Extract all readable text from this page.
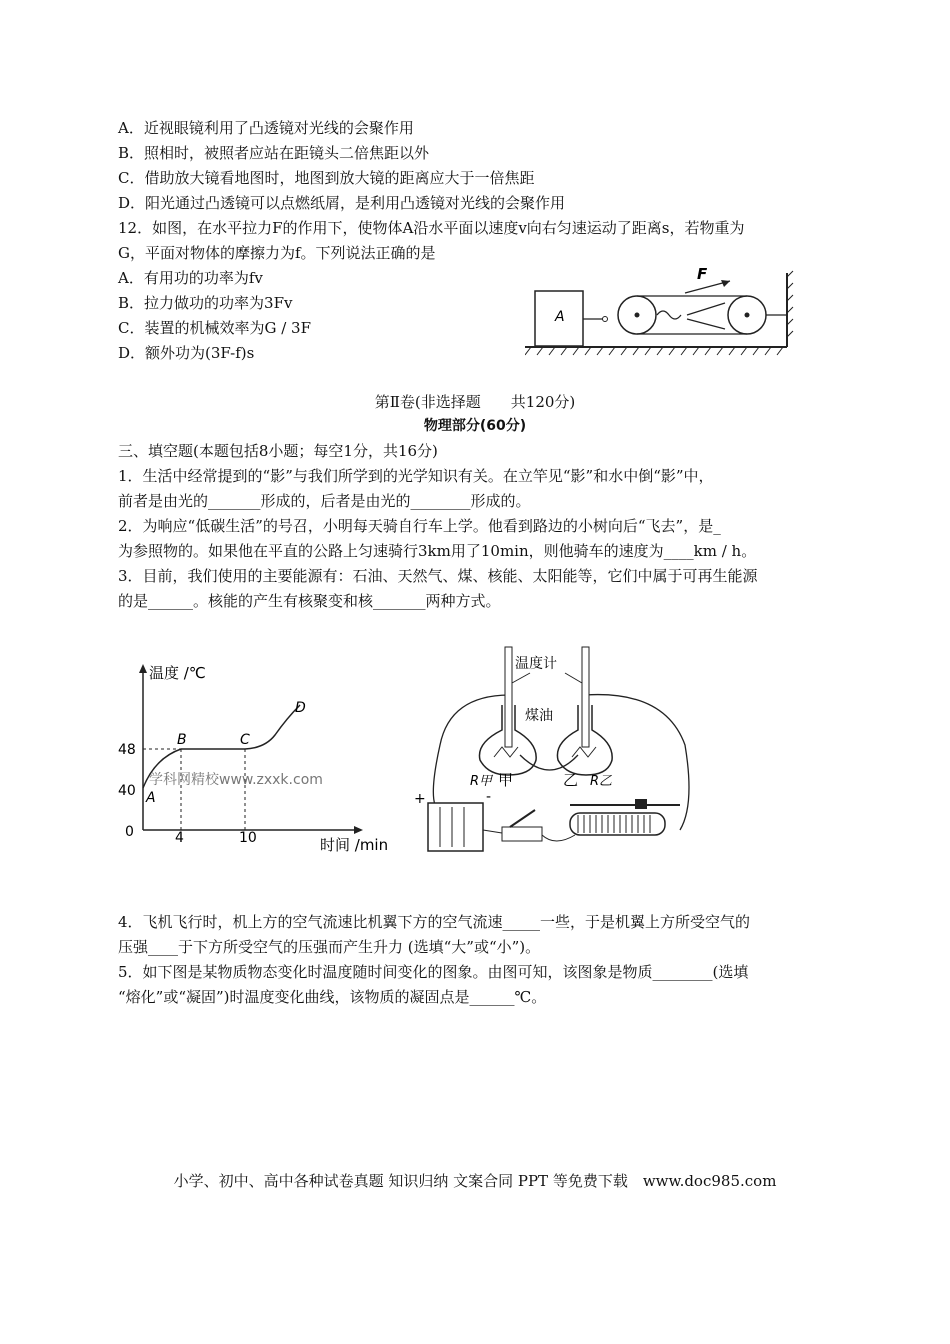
A．近视眼镜利用了凸透镜对光线的会聚作用
B．照相时，被照者应站在距镜头二倍焦距以外
C．借助放大镜看地图时，地图到放大镜的距离应大于一倍焦距
D．阳光通过凸透镜可以点燃纸屑，是利用凸透镜对光线的会聚作用
12．如图，在水平拉力F的作用下，使物体A沿水平面以速度v向右匀速运动了距离s，若物重为
G，平面对物体的摩擦力为f。下列说法正确的是
A．有用功的功率为fv
B．拉力做功的功率为3Fv
C．装置的机械效率为G / 3F
D．额外功为(3F-f)s
A
F
第Ⅱ卷(非选择题　　共120分)
物理部分(60分)
三、填空题(本题包括8小题；每空1分，共16分)
1．生活中经常提到的“影”与我们所学到的光学知识有关。在立竿见“影”和水中倒“影”中，
前者是由光的_______形成的，后者是由光的________形成的。
2．为响应“低碳生活”的号召，小明每天骑自行车上学。他看到路边的小树向后“飞去”，是_
为参照物的。如果他在平直的公路上匀速骑行3km用了10min，则他骑车的速度为____km / h。
3．目前，我们使用的主要能源有：石油、天然气、煤、核能、太阳能等，它们中属于可再生能源
的是______。核能的产生有核聚变和核_______两种方式。
温度 /℃
时间 /min
48
40
0	4	10
A
B	C
D
学科网精校www.zxxk.com
温度计
煤油
R甲 甲	乙 R乙
+	-
4．飞机飞行时，机上方的空气流速比机翼下方的空气流速_____一些，于是机翼上方所受空气的
压强____于下方所受空气的压强而产生升力 (选填“大”或“小”)。
5．如下图是某物质物态变化时温度随时间变化的图象。由图可知，该图象是物质________(选填
“熔化”或“凝固”)时温度变化曲线，该物质的凝固点是______℃。
小学、初中、高中各种试卷真题 知识归纳 文案合同 PPT 等免费下载　www.doc985.com
